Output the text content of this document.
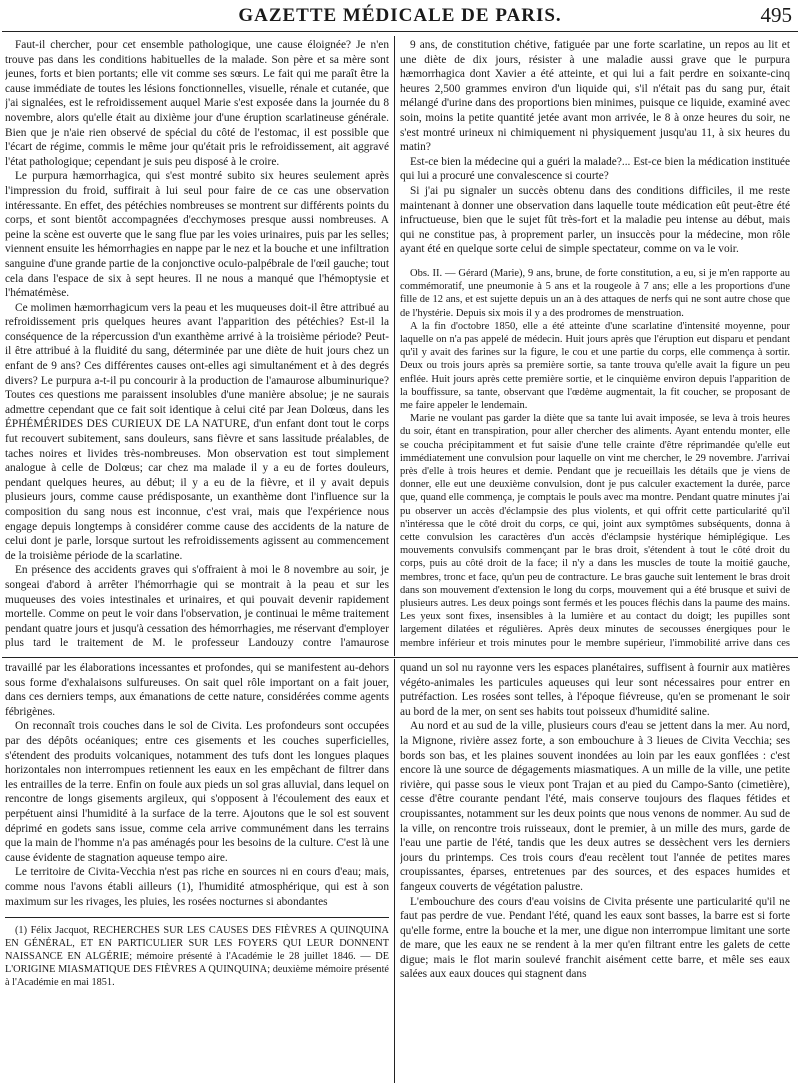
GAZETTE MÉDICALE DE PARIS.	495

Faut-il chercher, pour cet ensemble pathologique, une cause éloignée? Je n'en trouve pas dans les conditions habituelles de la malade. Son père et sa mère sont jeunes, forts et bien portants; elle vit comme ses sœurs. Le fait qui me paraît être la cause immédiate de toutes les lésions fonctionnelles, visuelle, rénale et cutanée, que j'ai signalées, est le refroidissement auquel Marie s'est exposée dans la journée du 8 novembre, alors qu'elle était au dixième jour d'une éruption scarlatineuse générale. Bien que je n'aie rien observé de spécial du côté de l'estomac, il est possible que l'écart de régime, commis le même jour qu'était pris le refroidissement, ait aggravé l'état pathologique; cependant je suis peu disposé à le croire.

Le purpura hæmorrhagica, qui s'est montré subito six heures seulement après l'impression du froid, suffirait à lui seul pour faire de ce cas une observation intéressante. En effet, des pétéchies nombreuses se montrent sur différents points du corps, et sont bientôt accompagnées d'ecchymoses presque aussi nombreuses. A peine la scène est ouverte que le sang flue par les voies urinaires, puis par les selles; viennent ensuite les hémorrhagies en nappe par le nez et la bouche et une infiltration sanguine d'une grande partie de la conjonctive oculo-palpébrale de l'œil gauche; tout cela dans l'espace de six à sept heures. Il ne nous a manqué que l'hémoptysie et l'hématémèse.

Ce molimen hæmorrhagicum vers la peau et les muqueuses doit-il être attribué au refroidissement pris quelques heures avant l'apparition des pétéchies? Est-il la conséquence de la répercussion d'un exanthème arrivé à la troisième période? Peut-il être attribué à la fluidité du sang, déterminée par une diète de huit jours chez un enfant de 9 ans? Ces différentes causes ont-elles agi simultanément et à des degrés divers? Le purpura a-t-il pu concourir à la production de l'amaurose albuminurique? Toutes ces questions me paraissent insolubles d'une manière absolue; je ne saurais admettre cependant que ce fait soit identique à celui cité par Jean Dolœus, dans les ÉPHÉMÉRIDES DES CURIEUX DE LA NATURE, d'un enfant dont tout le corps fut recouvert subitement, sans douleurs, sans fièvre et sans lassitude préalables, de taches noires et livides très-nombreuses. Mon observation est tout simplement analogue à celle de Dolœus; car chez ma malade il y a eu de fortes douleurs, pendant quelques heures, au début; il y a eu de la fièvre, et il y avait depuis plusieurs jours, comme cause prédisposante, un exanthème dont l'influence sur la composition du sang nous est inconnue, c'est vrai, mais que l'expérience nous engage depuis longtemps à considérer comme cause des accidents de la nature de celui dont je parle, lorsque surtout les refroidissements agissent au commencement de la troisième période de la scarlatine.

En présence des accidents graves qui s'offraient à moi le 8 novembre au soir, je songeai d'abord à arrêter l'hémorrhagie qui se montrait à la peau et sur les muqueuses des voies intestinales et urinaires, et qui pouvait devenir rapidement mortelle. Comme on peut le voir dans l'observation, je continuai le même traitement pendant quatre jours et jusqu'à cessation des hémorrhagies, me réservant d'employer plus tard le traitement de M. le professeur Landouzy contre l'amaurose

9 ans, de constitution chétive, fatiguée par une forte scarlatine, un repos au lit et une diète de dix jours, résister à une maladie aussi grave que le purpura hæmorrhagica dont Xavier a été atteinte, et qui lui a fait perdre en soixante-cinq heures 2,500 grammes environ d'un liquide qui, s'il n'était pas du sang pur, était mélangé d'urine dans des proportions bien minimes, puisque ce liquide, examiné avec soin, moins la petite quantité jetée avant mon arrivée, le 8 à onze heures du soir, ne s'est montré urineux ni chimiquement ni physiquement jusqu'au 11, à six heures du matin?

Est-ce bien la médecine qui a guéri la malade?... Est-ce bien la médication instituée qui lui a procuré une convalescence si courte?

Si j'ai pu signaler un succès obtenu dans des conditions difficiles, il me reste maintenant à donner une observation dans laquelle toute médication eût peut-être été infructueuse, bien que le sujet fût très-fort et la maladie peu intense au début, mais qui ne constitue pas, à proprement parler, un insuccès pour la médecine, mon rôle ayant été en quelque sorte celui de simple spectateur, comme on va le voir.

Obs. II. — Gérard (Marie), 9 ans, brune, de forte constitution, a eu, si je m'en rapporte au commémoratif, une pneumonie à 5 ans et la rougeole à 7 ans; elle a les proportions d'une fille de 12 ans, et est sujette depuis un an à des attaques de nerfs qui ne sont autre chose que de l'hystérie. Depuis six mois il y a des prodromes de menstruation.

A la fin d'octobre 1850, elle a été atteinte d'une scarlatine d'intensité moyenne, pour laquelle on n'a pas appelé de médecin. Huit jours après que l'éruption eut disparu et pendant qu'il y avait des farines sur la figure, le cou et une partie du corps, elle commença à sortir. Deux ou trois jours après sa première sortie, sa tante trouva qu'elle avait la figure un peu enflée. Huit jours après cette première sortie, et le cinquième environ depuis l'apparition de la bouffissure, sa tante, observant que l'œdème augmentait, la fit coucher, se proposant de me faire appeler le lendemain.

Marie ne voulant pas garder la diète que sa tante lui avait imposée, se leva à trois heures du soir, étant en transpiration, pour aller chercher des aliments. Ayant entendu monter, elle se coucha précipitamment et fut saisie d'une telle crainte d'être réprimandée qu'elle eut immédiatement une convulsion pour laquelle on vint me chercher, le 29 novembre. J'arrivai près d'elle à trois heures et demie. Pendant que je recueillais les détails que je viens de donner, elle eut une deuxième convulsion, dont je pus calculer exactement la durée, parce que, quand elle commença, je comptais le pouls avec ma montre. Pendant quatre minutes j'ai pu observer un accès d'éclampsie des plus violents, et qui offrit cette particularité qu'il n'intéressa que le côté droit du corps, ce qui, joint aux symptômes subséquents, donna à cette convulsion les caractères d'un accès d'éclampsie hystérique hémiplégique. Les mouvements convulsifs commençant par le bras droit, s'étendent à tout le côté droit du corps, puis au côté droit de la face; il n'y a dans les muscles de toute la moitié gauche, membres, tronc et face, qu'un peu de contracture. Le bras gauche suit lentement le bras droit dans son mouvement d'extension le long du corps, mouvement qui a été brusque et suivi de plusieurs autres. Les deux poings sont fermés et les pouces fléchis dans la paume des mains. Les yeux sont fixes, insensibles à la lumière et au contact du doigt; les pupilles sont largement dilatées et régulières. Après deux minutes de secousses énergiques pour le membre inférieur et trois minutes pour le membre supérieur, l'immobilité arrive dans ces

travaillé par les élaborations incessantes et profondes, qui se manifestent au-dehors sous forme d'exhalaisons sulfureuses. On sait quel rôle important on a fait jouer, dans ces derniers temps, aux émanations de cette nature, considérées comme agents fébrigènes.

On reconnaît trois couches dans le sol de Civita. Les profondeurs sont occupées par des dépôts océaniques; entre ces gisements et les couches superficielles, s'étendent des produits volcaniques, notamment des tufs dont les longues plaques horizontales non interrompues retiennent les eaux en les empêchant de filtrer dans les entrailles de la terre. Enfin on foule aux pieds un sol gras alluvial, dans lequel on rencontre de longs gisements argileux, qui s'opposent à l'écoulement des eaux et perpétuent ainsi l'humidité à la surface de la terre. Ajoutons que le sol est souvent déprimé en godets sans issue, comme cela arrive communément dans les terrains que la main de l'homme n'a pas aménagés pour les besoins de la culture. C'est là une cause évidente de stagnation aqueuse tempo aire.

Le territoire de Civita-Vecchia n'est pas riche en sources ni en cours d'eau; mais, comme nous l'avons établi ailleurs (1), l'humidité atmosphérique, qui est à son maximum sur les rivages, les pluies, les rosées nocturnes si abondantes

(1) Félix Jacquot, RECHERCHES SUR LES CAUSES DES FIÈVRES A QUINQUINA EN GÉNÉRAL, ET EN PARTICULIER SUR LES FOYERS QUI LEUR DONNENT NAISSANCE EN ALGÉRIE; mémoire présenté à l'Académie le 28 juillet 1846. — DE L'ORIGINE MIASMATIQUE DES FIÈVRES A QUINQUINA; deuxième mémoire présenté à l'Académie en mai 1851.

quand un sol nu rayonne vers les espaces planétaires, suffisent à fournir aux matières végéto-animales les particules aqueuses qui leur sont nécessaires pour entrer en putréfaction. Les rosées sont telles, à l'époque fiévreuse, qu'en se promenant le soir au bord de la mer, on sent ses habits tout poisseux d'humidité saline.

Au nord et au sud de la ville, plusieurs cours d'eau se jettent dans la mer. Au nord, la Mignone, rivière assez forte, a son embouchure à 3 lieues de Civita Vecchia; ses bords son bas, et les plaines souvent inondées au loin par les eaux gonflées : c'est encore là une source de dégagements miasmatiques. A un mille de la ville, une petite rivière, qui passe sous le vieux pont Trajan et au pied du Campo-Santo (cimetière), cesse d'être courante pendant l'été, mais conserve toujours des flaques fétides et croupissantes, notamment sur les deux points que nous venons de nommer. Au sud de la ville, on rencontre trois ruisseaux, dont le premier, à un mille des murs, garde de l'eau une partie de l'été, tandis que les deux autres se dessèchent vers les derniers jours du printemps. Ces trois cours d'eau recèlent tout l'année de petites mares croupissantes, éparses, entretenues par des sources, et des espaces humides et fangeux couverts de végétation palustre.

L'embouchure des cours d'eau voisins de Civita présente une particularité qu'il ne faut pas perdre de vue. Pendant l'été, quand les eaux sont basses, la barre est si forte qu'elle forme, entre la bouche et la mer, une digue non interrompue limitant une sorte de mare, que les eaux ne se rendent à la mer qu'en filtrant entre les galets de cette digue; mais le flot marin soulevé franchit aisément cette barre, et mêle ses eaux salées aux eaux douces qui stagnent dans
